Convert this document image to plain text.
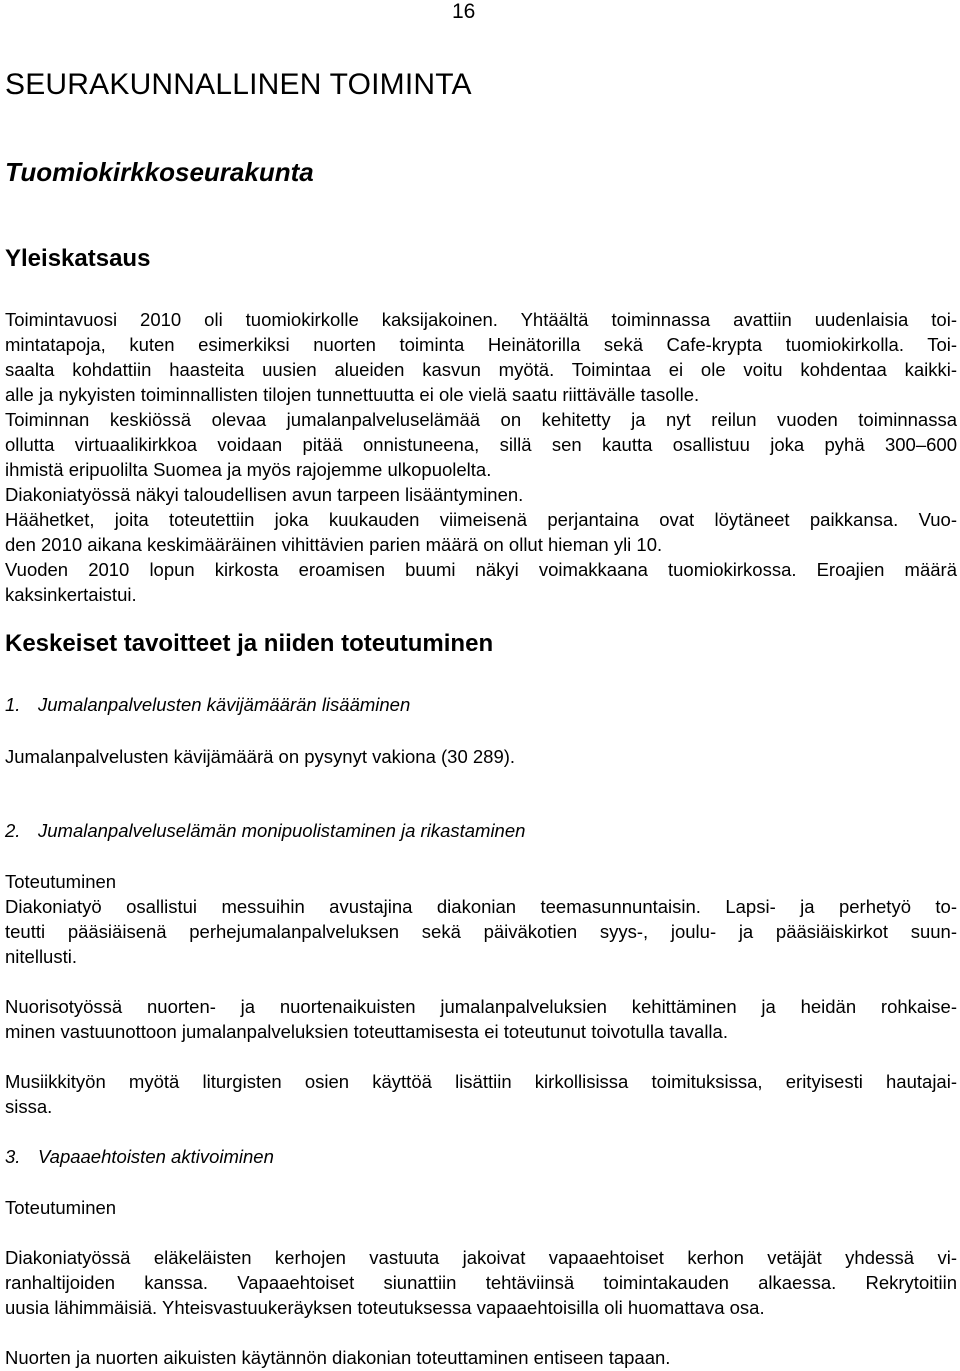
16
SEURAKUNNALLINEN TOIMINTA
Tuomiokirkkoseurakunta
Yleiskatsaus
Toimintavuosi 2010 oli tuomiokirkolle kaksijakoinen. Yhtäältä toiminnassa avattiin uudenlaisia toi-
mintatapoja, kuten esimerkiksi nuorten toiminta Heinätorilla sekä Cafe-krypta tuomiokirkolla. Toi-
saalta kohdattiin haasteita uusien alueiden kasvun myötä. Toimintaa ei ole voitu kohdentaa kaikki-
alle ja nykyisten toiminnallisten tilojen tunnettuutta ei ole vielä saatu riittävälle tasolle.
Toiminnan keskiössä olevaa jumalanpalveluselämää on kehitetty ja nyt reilun vuoden toiminnassa
ollutta virtuaalikirkkoa voidaan pitää onnistuneena, sillä sen kautta osallistuu joka pyhä 300–600
ihmistä eripuolilta Suomea ja myös rajojemme ulkopuolelta.
Diakoniatyössä näkyi taloudellisen avun tarpeen lisääntyminen.
Häähetket, joita toteutettiin joka kuukauden viimeisenä perjantaina ovat löytäneet paikkansa. Vuo-
den 2010 aikana keskimääräinen vihittävien parien määrä on ollut hieman yli 10.
Vuoden 2010 lopun kirkosta eroamisen buumi näkyi voimakkaana tuomiokirkossa. Eroajien määrä
kaksinkertaistui.
Keskeiset tavoitteet ja niiden toteutuminen
1. Jumalanpalvelusten kävijämäärän lisääminen
Jumalanpalvelusten kävijämäärä on pysynyt vakiona (30 289).
2. Jumalanpalveluselämän monipuolistaminen ja rikastaminen
Toteutuminen
Diakoniatyö osallistui messuihin avustajina diakonian teemasunnuntaisin. Lapsi- ja perhetyö to-
teutti pääsiäisenä perhejumalanpalveluksen sekä päiväkotien syys-, joulu- ja pääsiäiskirkot suun-
nitellusti.
Nuorisotyössä nuorten- ja nuortenaikuisten jumalanpalveluksien kehittäminen ja heidän rohkaise-
minen vastuunottoon jumalanpalveluksien toteuttamisesta ei toteutunut toivotulla tavalla.
Musiikkityön myötä liturgisten osien käyttöä lisättiin kirkollisissa toimituksissa, erityisesti hautajai-
sissa.
3. Vapaaehtoisten aktivoiminen
Toteutuminen
Diakoniatyössä eläkeläisten kerhojen vastuuta jakoivat vapaaehtoiset kerhon vetäjät yhdessä vi-
ranhaltijoiden kanssa. Vapaaehtoiset siunattiin tehtäviinsä toimintakauden alkaessa. Rekrytoitiin
uusia lähimmäisiä. Yhteisvastuukeräyksen toteutuksessa vapaaehtoisilla oli huomattava osa.
Nuorten ja nuorten aikuisten käytännön diakonian toteuttaminen entiseen tapaan.
